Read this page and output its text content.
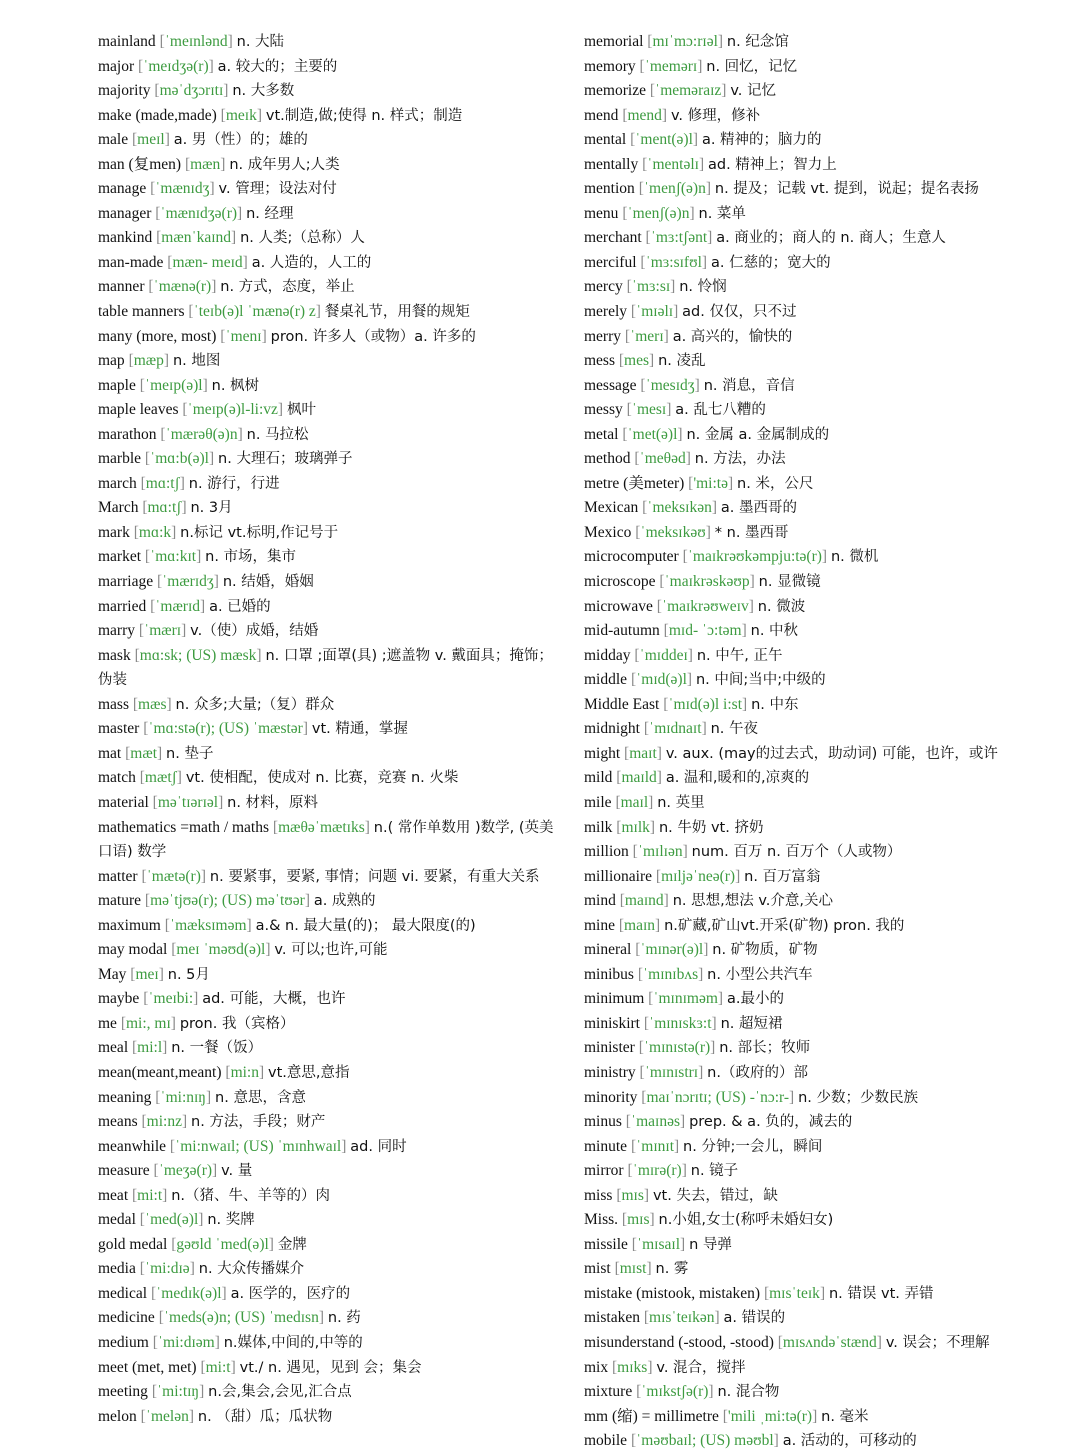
mainland [ˈmeɪnlənd] n. 大陆
major [ˈmeɪdʒə(r)] a. 较大的；主要的
majority [məˈdʒɔrɪtɪ] n. 大多数
make (made,made) [meɪk] vt.制造,做;使得 n. 样式；制造
male [meɪl] a. 男（性）的；雄的
man (复men) [mæn] n. 成年男人;人类
manage [ˈmænɪdʒ] v. 管理；设法对付
manager [ˈmænɪdʒə(r)] n. 经理
mankind [mænˈkaɪnd] n. 人类;（总称）人
man-made [mæn- meɪd] a. 人造的，人工的
manner [ˈmænə(r)] n. 方式，态度，举止
table manners [ˈteɪb(ə)l ˈmænə(r) z] 餐桌礼节，用餐的规矩
many (more, most) [ˈmenɪ] pron. 许多人（或物）a. 许多的
map [mæp] n. 地图
maple [ˈmeɪp(ə)l] n. 枫树
maple leaves [ˈmeɪp(ə)l-li:vz] 枫叶
marathon [ˈmærəθ(ə)n] n. 马拉松
marble [ˈmɑ:b(ə)l] n. 大理石；玻璃弹子
march [mɑ:tʃ] n. 游行，行进
March [mɑ:tʃ] n. 3月
mark [mɑ:k] n.标记 vt.标明,作记号于
market [ˈmɑ:kɪt] n. 市场，集市
marriage [ˈmærɪdʒ] n. 结婚，婚姻
married [ˈmærɪd] a. 已婚的
marry [ˈmærɪ] v.（使）成婚，结婚
mask [mɑ:sk; (US) mæsk] n. 口罩 ;面罩(具) ;遮盖物 v. 戴面具；掩饰；伪装
mass [mæs] n. 众多;大量;（复）群众
master [ˈmɑ:stə(r); (US) ˈmæstər] vt. 精通，掌握
mat [mæt] n. 垫子
match [mætʃ] vt. 使相配，使成对 n. 比赛，竞赛 n. 火柴
material [məˈtɪərɪəl] n. 材料，原料
mathematics =math / maths [mæθəˈmætɪks] n.( 常作单数用 )数学, (英美口语) 数学
matter [ˈmætə(r)] n. 要紧事，要紧, 事情；问题 vi. 要紧，有重大关系
mature [məˈtjʊə(r); (US) məˈtʊər] a. 成熟的
maximum [ˈmæksɪməm] a.& n. 最大量(的)； 最大限度(的)
may modal [meɪ ˈməʊd(ə)l] v. 可以;也许,可能
May [meɪ] n. 5月
maybe [ˈmeɪbi:] ad. 可能，大概，也许
me [mi:, mɪ] pron. 我（宾格）
meal [mi:l] n. 一餐（饭）
mean(meant,meant) [mi:n] vt.意思,意指
meaning [ˈmi:nɪŋ] n. 意思，含意
means [mi:nz] n. 方法，手段；财产
meanwhile [ˈmi:nwaɪl; (US) ˈmɪnhwaɪl] ad. 同时
measure [ˈmeʒə(r)] v. 量
meat [mi:t] n.（猪、牛、羊等的）肉
medal [ˈmed(ə)l] n. 奖牌
gold medal [gəʊld ˈmed(ə)l] 金牌
media [ˈmi:dɪə] n. 大众传播媒介
medical [ˈmedɪk(ə)l] a. 医学的，医疗的
medicine [ˈmeds(ə)n; (US) ˈmedɪsn] n. 药
medium [ˈmi:dɪəm] n.媒体,中间的,中等的
meet (met, met) [mi:t] vt./ n. 遇见，见到 会；集会
meeting [ˈmi:tɪŋ] n.会,集会,会见,汇合点
melon [ˈmelən] n. （甜）瓜；瓜状物
memorial [mɪˈmɔ:rɪəl] n. 纪念馆
memory [ˈmemərɪ] n. 回忆，记忆
memorize [ˈmeməraɪz] v. 记忆
mend [mend] v. 修理，修补
mental [ˈment(ə)l] a. 精神的；脑力的
mentally [ˈmentəlɪ] ad. 精神上；智力上
mention [ˈmenʃ(ə)n] n. 提及；记载 vt. 提到，说起；提名表扬
menu [ˈmenʃ(ə)n] n. 菜单
merchant [ˈmɜ:tʃənt] a. 商业的；商人的 n. 商人；生意人
merciful [ˈmɜ:sɪfʊl] a. 仁慈的；宽大的
mercy [ˈmɜ:sɪ] n. 怜悯
merely [ˈmɪəlɪ] ad. 仅仅，只不过
merry [ˈmerɪ] a. 高兴的，愉快的
mess [mes] n. 凌乱
message [ˈmesɪdʒ] n. 消息，音信
messy [ˈmesɪ] a. 乱七八糟的
metal [ˈmet(ə)l] n. 金属 a. 金属制成的
method [ˈmeθəd] n. 方法，办法
metre (美meter) ['mi:tə] n. 米，公尺
Mexican [ˈmeksɪkən] a. 墨西哥的
Mexico [ˈmeksɪkəʊ] * n. 墨西哥
microcomputer [ˈmaɪkrəʊkəmpju:tə(r)] n. 微机
microscope [ˈmaɪkrəskəʊp] n. 显微镜
microwave [ˈmaɪkrəʊweɪv] n. 微波
mid-autumn [mɪd- ˈɔ:təm] n. 中秋
midday [ˈmɪddeɪ] n. 中午, 正午
middle [ˈmɪd(ə)l] n. 中间;当中;中级的
Middle East [ˈmɪd(ə)l i:st] n. 中东
midnight [ˈmɪdnaɪt] n. 午夜
might [maɪt] v. aux. (may的过去式，助动词) 可能，也许，或许
mild [maɪld] a. 温和,暖和的,凉爽的
mile [maɪl] n. 英里
milk [mɪlk] n. 牛奶 vt. 挤奶
million [ˈmɪlɪən] num. 百万 n. 百万个（人或物）
millionaire [mɪljəˈneə(r)] n. 百万富翁
mind [maɪnd] n. 思想,想法 v.介意,关心
mine [maɪn] n.矿藏,矿山vt.开采(矿物) pron. 我的
mineral [ˈmɪnər(ə)l] n. 矿物质，矿物
minibus [ˈmɪnɪbʌs] n. 小型公共汽车
minimum [ˈmɪnɪməm] a.最小的
miniskirt [ˈmɪnɪskɜ:t] n. 超短裙
minister [ˈmɪnɪstə(r)] n. 部长；牧师
ministry [ˈmɪnɪstrɪ] n.（政府的）部
minority [maɪˈnɔrɪtɪ; (US) -ˈnɔ:r-] n. 少数；少数民族
minus [ˈmaɪnəs] prep. & a. 负的，减去的
minute [ˈmɪnɪt] n. 分钟;一会儿，瞬间
mirror [ˈmɪrə(r)] n. 镜子
miss [mɪs] vt. 失去，错过，缺
Miss. [mɪs] n.小姐,女士(称呼未婚妇女)
missile [ˈmɪsaɪl] n 导弹
mist [mɪst] n. 雾
mistake (mistook, mistaken) [mɪsˈteɪk] n. 错误 vt. 弄错
mistaken [mɪsˈteɪkən] a. 错误的
misunderstand (-stood, -stood) [mɪsʌndəˈstænd] v. 误会；不理解
mix [mɪks] v. 混合，搅拌
mixture [ˈmɪkstʃə(r)] n. 混合物
mm (缩) = millimetre ['mili ˌmi:tə(r)] n. 毫米
mobile [ˈməʊbaɪl; (US) məʊbl] a. 活动的，可移动的
